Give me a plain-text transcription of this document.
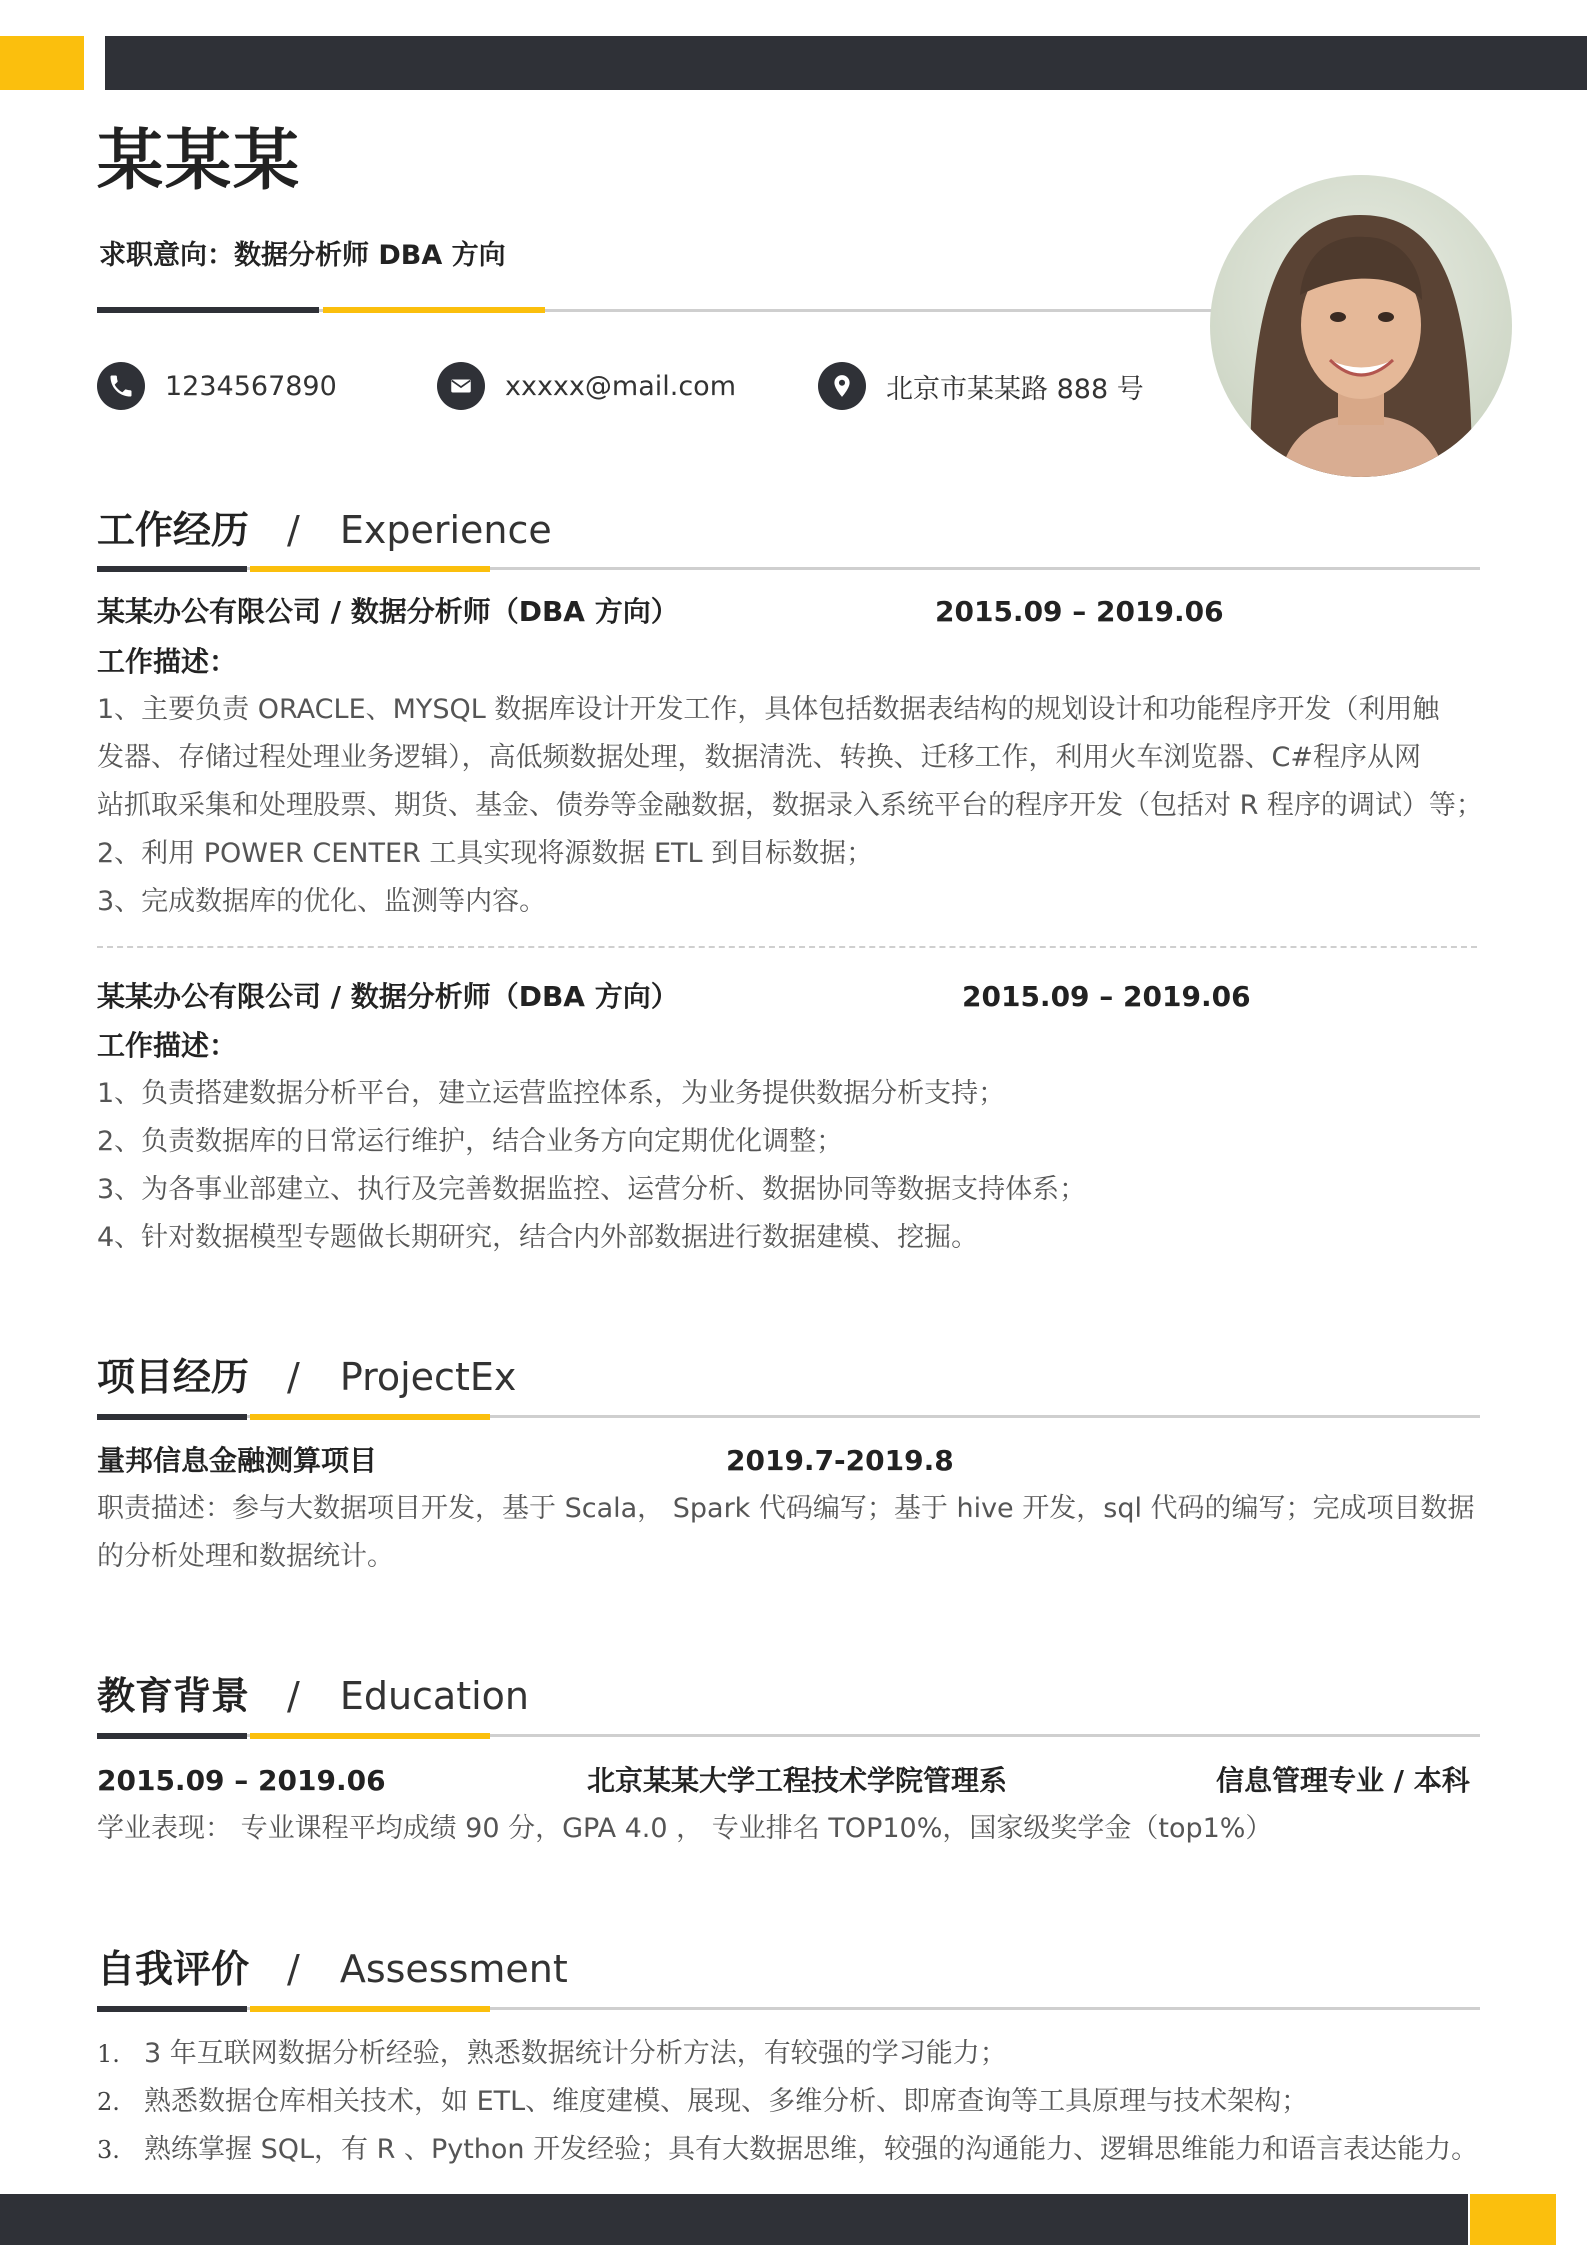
某某某
求职意向：数据分析师 DBA 方向
1234567890	xxxxx@mail.com	北京市某某路 888 号
工作经历 / Experience
某某办公有限公司 / 数据分析师（DBA 方向）	2015.09 – 2019.06
工作描述：
1、主要负责 ORACLE、MYSQL 数据库设计开发工作，具体包括数据表结构的规划设计和功能程序开发（利用触
发器、存储过程处理业务逻辑），高低频数据处理，数据清洗、转换、迁移工作，利用火车浏览器、C#程序从网
站抓取采集和处理股票、期货、基金、债券等金融数据，数据录入系统平台的程序开发（包括对 R 程序的调试）等；
2、利用 POWER CENTER 工具实现将源数据 ETL 到目标数据；
3、完成数据库的优化、监测等内容。
某某办公有限公司 / 数据分析师（DBA 方向）	2015.09 – 2019.06
工作描述：
1、负责搭建数据分析平台，建立运营监控体系，为业务提供数据分析支持；
2、负责数据库的日常运行维护，结合业务方向定期优化调整；
3、为各事业部建立、执行及完善数据监控、运营分析、数据协同等数据支持体系；
4、针对数据模型专题做长期研究，结合内外部数据进行数据建模、挖掘。
项目经历 / ProjectEx
量邦信息金融测算项目	2019.7-2019.8
职责描述：参与大数据项目开发，基于 Scala， Spark 代码编写；基于 hive 开发，sql 代码的编写；完成项目数据
的分析处理和数据统计。
教育背景 / Education
2015.09 – 2019.06	北京某某大学工程技术学院管理系	信息管理专业 / 本科
学业表现： 专业课程平均成绩 90 分，GPA 4.0 ， 专业排名 TOP10%，国家级奖学金（top1%）
自我评价 / Assessment
1. 3 年互联网数据分析经验，熟悉数据统计分析方法，有较强的学习能力；
2. 熟悉数据仓库相关技术，如 ETL、维度建模、展现、多维分析、即席查询等工具原理与技术架构；
3. 熟练掌握 SQL，有 R 、Python 开发经验；具有大数据思维，较强的沟通能力、逻辑思维能力和语言表达能力。
